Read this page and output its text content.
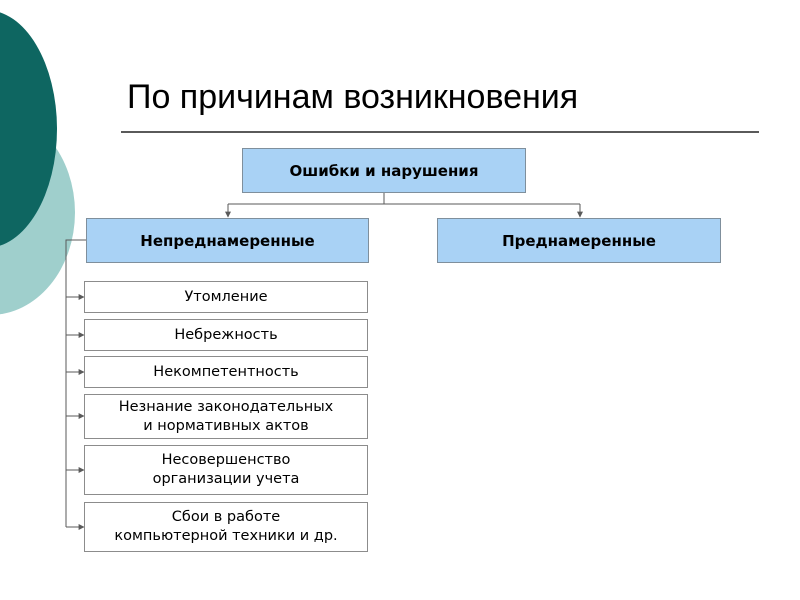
По причинам возникновения
Ошибки и нарушения
Непреднамеренные	Преднамеренные
Утомление
Небрежность
Некомпетентность
Незнание законодательных
и нормативных актов
Несовершенство
организации учета
Сбои в работе
компьютерной техники и др.
